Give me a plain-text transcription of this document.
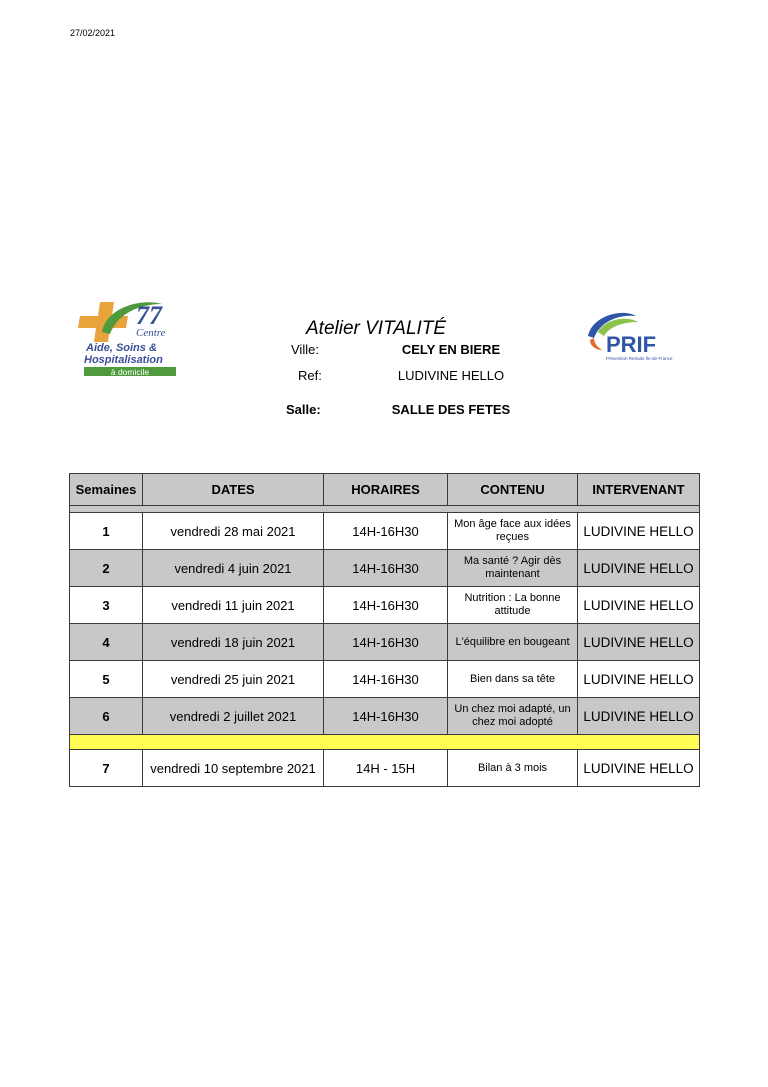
27/02/2021
77
Centre
Aide, Soins &
Hospitalisation
à domicile
PRIF
Prévention Retraite Île-de-France
Atelier VITALITÉ
Ville:	CELY EN BIERE
Ref:	LUDIVINE HELLO
Salle:	SALLE DES FETES
Semaines	DATES	HORAIRES	CONTENU	INTERVENANT

1	vendredi 28 mai 2021	14H-16H30	Mon âge face aux idées reçues	LUDIVINE HELLO
2	vendredi 4 juin 2021	14H-16H30	Ma santé ? Agir dès maintenant	LUDIVINE HELLO
3	vendredi 11 juin 2021	14H-16H30	Nutrition : La bonne attitude	LUDIVINE HELLO
4	vendredi 18 juin 2021	14H-16H30	L'équilibre en bougeant	LUDIVINE HELLO
5	vendredi 25 juin 2021	14H-16H30	Bien dans sa tête	LUDIVINE HELLO
6	vendredi 2 juillet 2021	14H-16H30	Un chez moi adapté, un chez moi adopté	LUDIVINE HELLO

7	vendredi 10 septembre 2021	14H - 15H	Bilan à 3 mois	LUDIVINE HELLO
